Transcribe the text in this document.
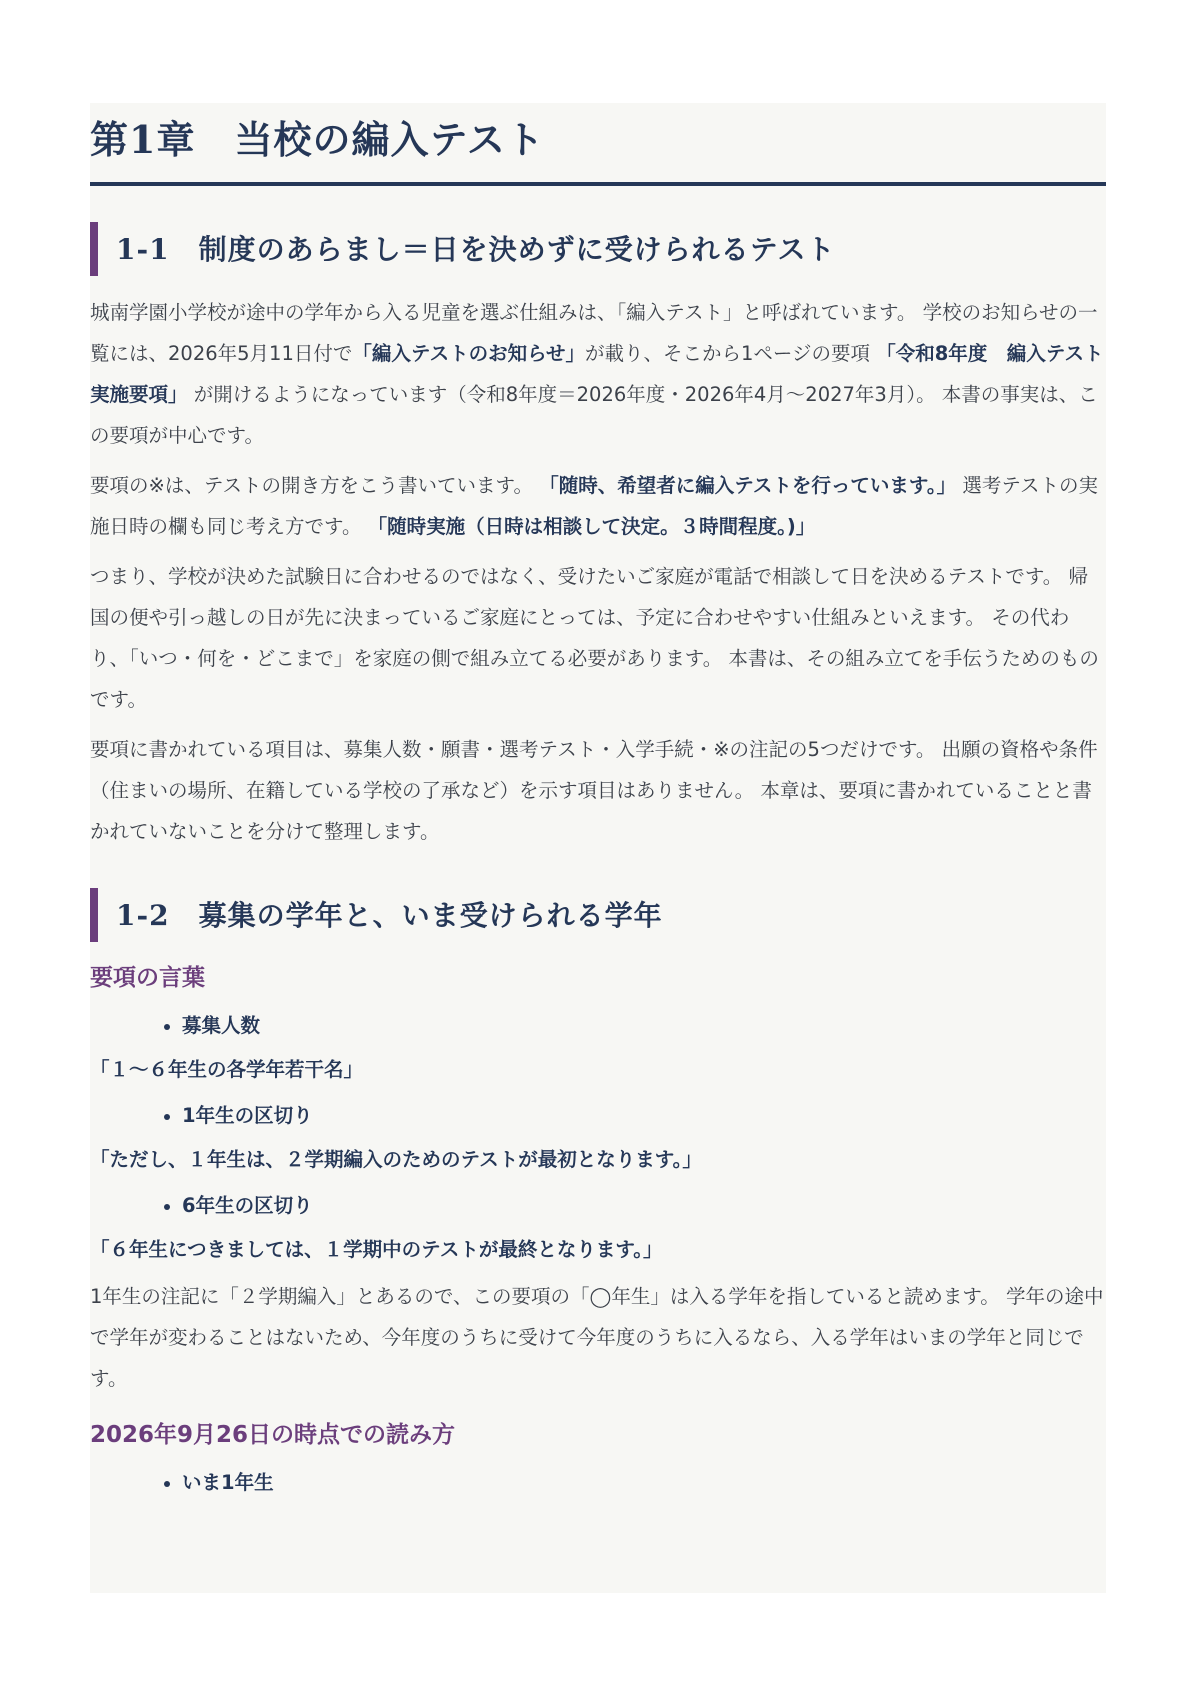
第1章　当校の編入テスト
1-1　制度のあらまし＝日を決めずに受けられるテスト

城南学園小学校が途中の学年から入る児童を選ぶ仕組みは、「編入テスト」と呼ばれています。 学校のお知らせの一覧には、2026年5月11日付で「編入テストのお知らせ」が載り、そこから1ページの要項 「令和8年度　編入テスト実施要項」 が開けるようになっています（令和8年度＝2026年度・2026年4月〜2027年3月）。 本書の事実は、この要項が中心です。

要項の※は、テストの開き方をこう書いています。 「随時、希望者に編入テストを行っています。」 選考テストの実施日時の欄も同じ考え方です。 「随時実施（日時は相談して決定。３時間程度。)」

つまり、学校が決めた試験日に合わせるのではなく、受けたいご家庭が電話で相談して日を決めるテストです。 帰国の便や引っ越しの日が先に決まっているご家庭にとっては、予定に合わせやすい仕組みといえます。 その代わり、「いつ・何を・どこまで」を家庭の側で組み立てる必要があります。 本書は、その組み立てを手伝うためのものです。

要項に書かれている項目は、募集人数・願書・選考テスト・入学手続・※の注記の5つだけです。 出願の資格や条件（住まいの場所、在籍している学校の了承など）を示す項目はありません。 本章は、要項に書かれていることと書かれていないことを分けて整理します。

1-2　募集の学年と、いま受けられる学年
要項の言葉
募集人数
「１〜６年生の各学年若干名」
1年生の区切り
「ただし、１年生は、２学期編入のためのテストが最初となります。」
6年生の区切り
「６年生につきましては、１学期中のテストが最終となります。」

1年生の注記に「２学期編入」とあるので、この要項の「◯年生」は入る学年を指していると読めます。 学年の途中で学年が変わることはないため、今年度のうちに受けて今年度のうちに入るなら、入る学年はいまの学年と同じです。

2026年9月26日の時点での読み方
いま1年生
